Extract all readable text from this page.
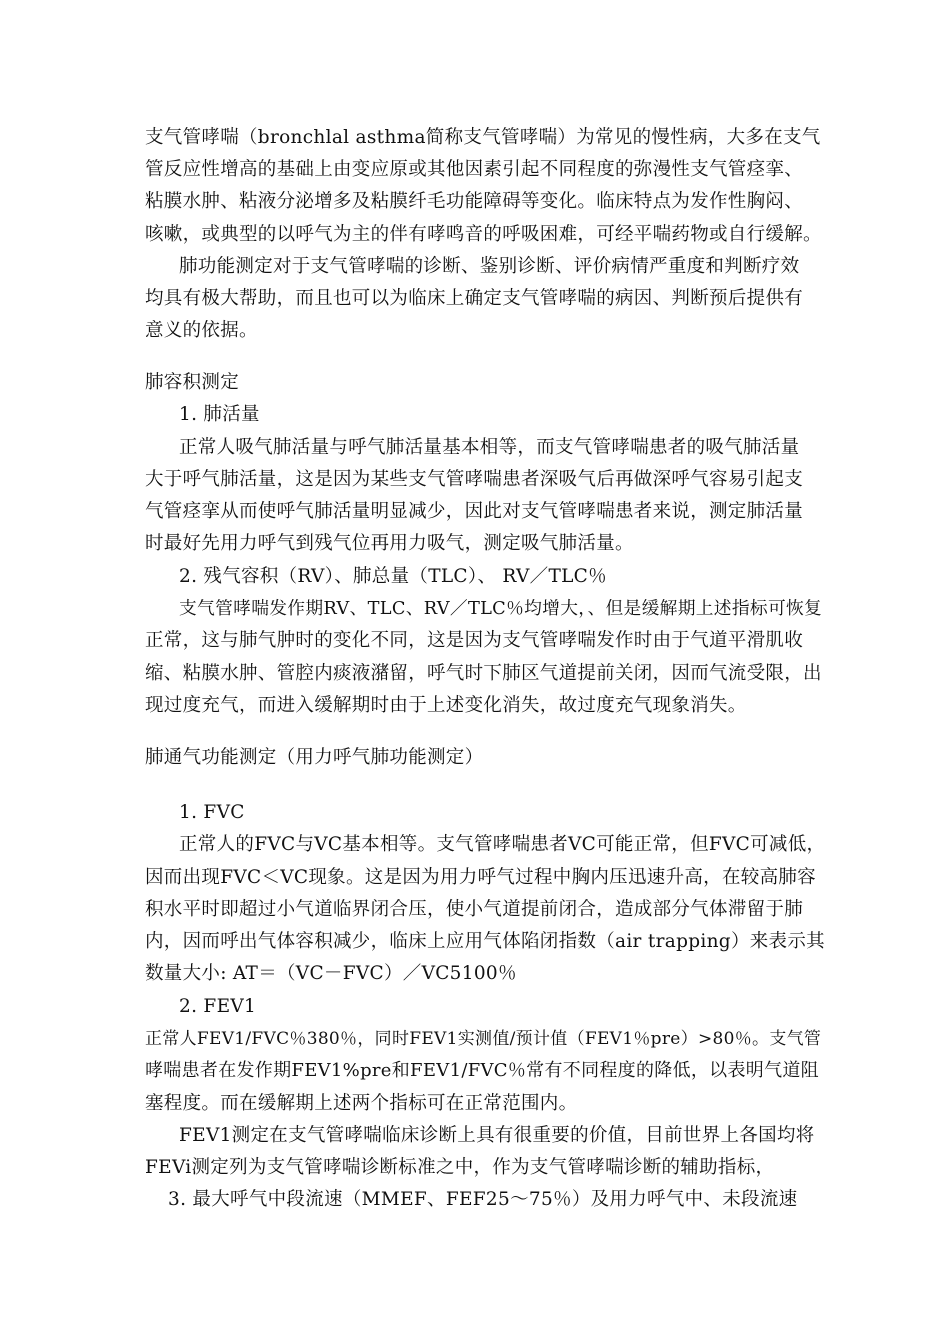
支气管哮喘（bronchlal asthma简称支气管哮喘）为常见的慢性病，大多在支气
管反应性增高的基础上由变应原或其他因素引起不同程度的弥漫性支气管痉挛、
粘膜水肿、粘液分泌增多及粘膜纤毛功能障碍等变化。临床特点为发作性胸闷、
咳嗽，或典型的以呼气为主的伴有哮鸣音的呼吸困难，可经平喘药物或自行缓解。
肺功能测定对于支气管哮喘的诊断、鉴别诊断、评价病情严重度和判断疗效
均具有极大帮助，而且也可以为临床上确定支气管哮喘的病因、判断预后提供有
意义的依据。
肺容积测定
1. 肺活量
正常人吸气肺活量与呼气肺活量基本相等，而支气管哮喘患者的吸气肺活量
大于呼气肺活量，这是因为某些支气管哮喘患者深吸气后再做深呼气容易引起支
气管痉挛从而使呼气肺活量明显减少，因此对支气管哮喘患者来说，测定肺活量
时最好先用力呼气到残气位再用力吸气，测定吸气肺活量。
2. 残气容积（RV）、肺总量（TLC）、 RV／TLC％
支气管哮喘发作期RV、TLC、RV／TLC％均增大，、但是缓解期上述指标可恢复
正常，这与肺气肿时的变化不同，这是因为支气管哮喘发作时由于气道平滑肌收
缩、粘膜水肿、管腔内痰液潴留，呼气时下肺区气道提前关闭，因而气流受限，出
现过度充气，而进入缓解期时由于上述变化消失，故过度充气现象消失。
肺通气功能测定（用力呼气肺功能测定）
1. FVC
正常人的FVC与VC基本相等。支气管哮喘患者VC可能正常，但FVC可减低，
因而出现FVC＜VC现象。这是因为用力呼气过程中胸内压迅速升高，在较高肺容
积水平时即超过小气道临界闭合压，使小气道提前闭合，造成部分气体滞留于肺
内，因而呼出气体容积减少，临床上应用气体陷闭指数（air trapping）来表示其
数量大小: AT＝（VC－FVC）／VC5100％
2. FEV1
正常人FEV1/FVC％380％，同时FEV1实测值/预计值（FEV1％pre）>80％。支气管
哮喘患者在发作期FEV1%pre和FEV1/FVC％常有不同程度的降低，以表明气道阻
塞程度。而在缓解期上述两个指标可在正常范围内。
FEV1测定在支气管哮喘临床诊断上具有很重要的价值，目前世界上各国均将
FEVi测定列为支气管哮喘诊断标准之中，作为支气管哮喘诊断的辅助指标，
3. 最大呼气中段流速（MMEF、FEF25～75％）及用力呼气中、未段流速
